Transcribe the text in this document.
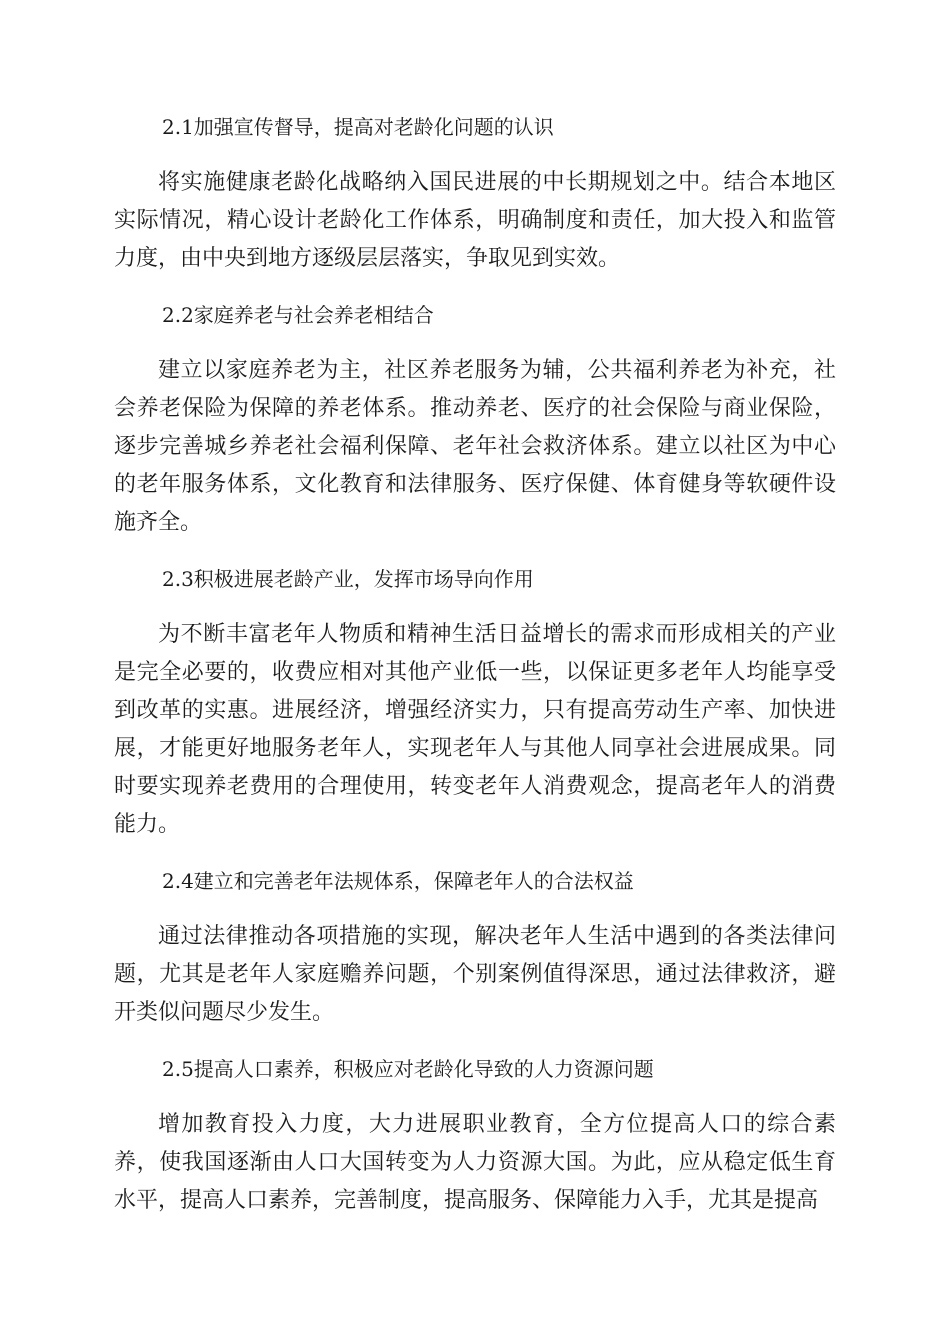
2.1加强宣传督导，提高对老龄化问题的认识
将实施健康老龄化战略纳入国民进展的中长期规划之中。结合本地区实际情况，精心设计老龄化工作体系，明确制度和责任，加大投入和监管力度，由中央到地方逐级层层落实，争取见到实效。
2.2家庭养老与社会养老相结合
建立以家庭养老为主，社区养老服务为辅，公共福利养老为补充，社会养老保险为保障的养老体系。推动养老、医疗的社会保险与商业保险，逐步完善城乡养老社会福利保障、老年社会救济体系。建立以社区为中心的老年服务体系，文化教育和法律服务、医疗保健、体育健身等软硬件设施齐全。
2.3积极进展老龄产业，发挥市场导向作用
为不断丰富老年人物质和精神生活日益增长的需求而形成相关的产业是完全必要的，收费应相对其他产业低一些，以保证更多老年人均能享受到改革的实惠。进展经济，增强经济实力，只有提高劳动生产率、加快进展，才能更好地服务老年人，实现老年人与其他人同享社会进展成果。同时要实现养老费用的合理使用，转变老年人消费观念，提高老年人的消费能力。
2.4建立和完善老年法规体系，保障老年人的合法权益
通过法律推动各项措施的实现，解决老年人生活中遇到的各类法律问题，尤其是老年人家庭赡养问题，个别案例值得深思，通过法律救济，避开类似问题尽少发生。
2.5提高人口素养，积极应对老龄化导致的人力资源问题
增加教育投入力度，大力进展职业教育，全方位提高人口的综合素养，使我国逐渐由人口大国转变为人力资源大国。为此，应从稳定低生育水平，提高人口素养，完善制度，提高服务、保障能力入手，尤其是提高
